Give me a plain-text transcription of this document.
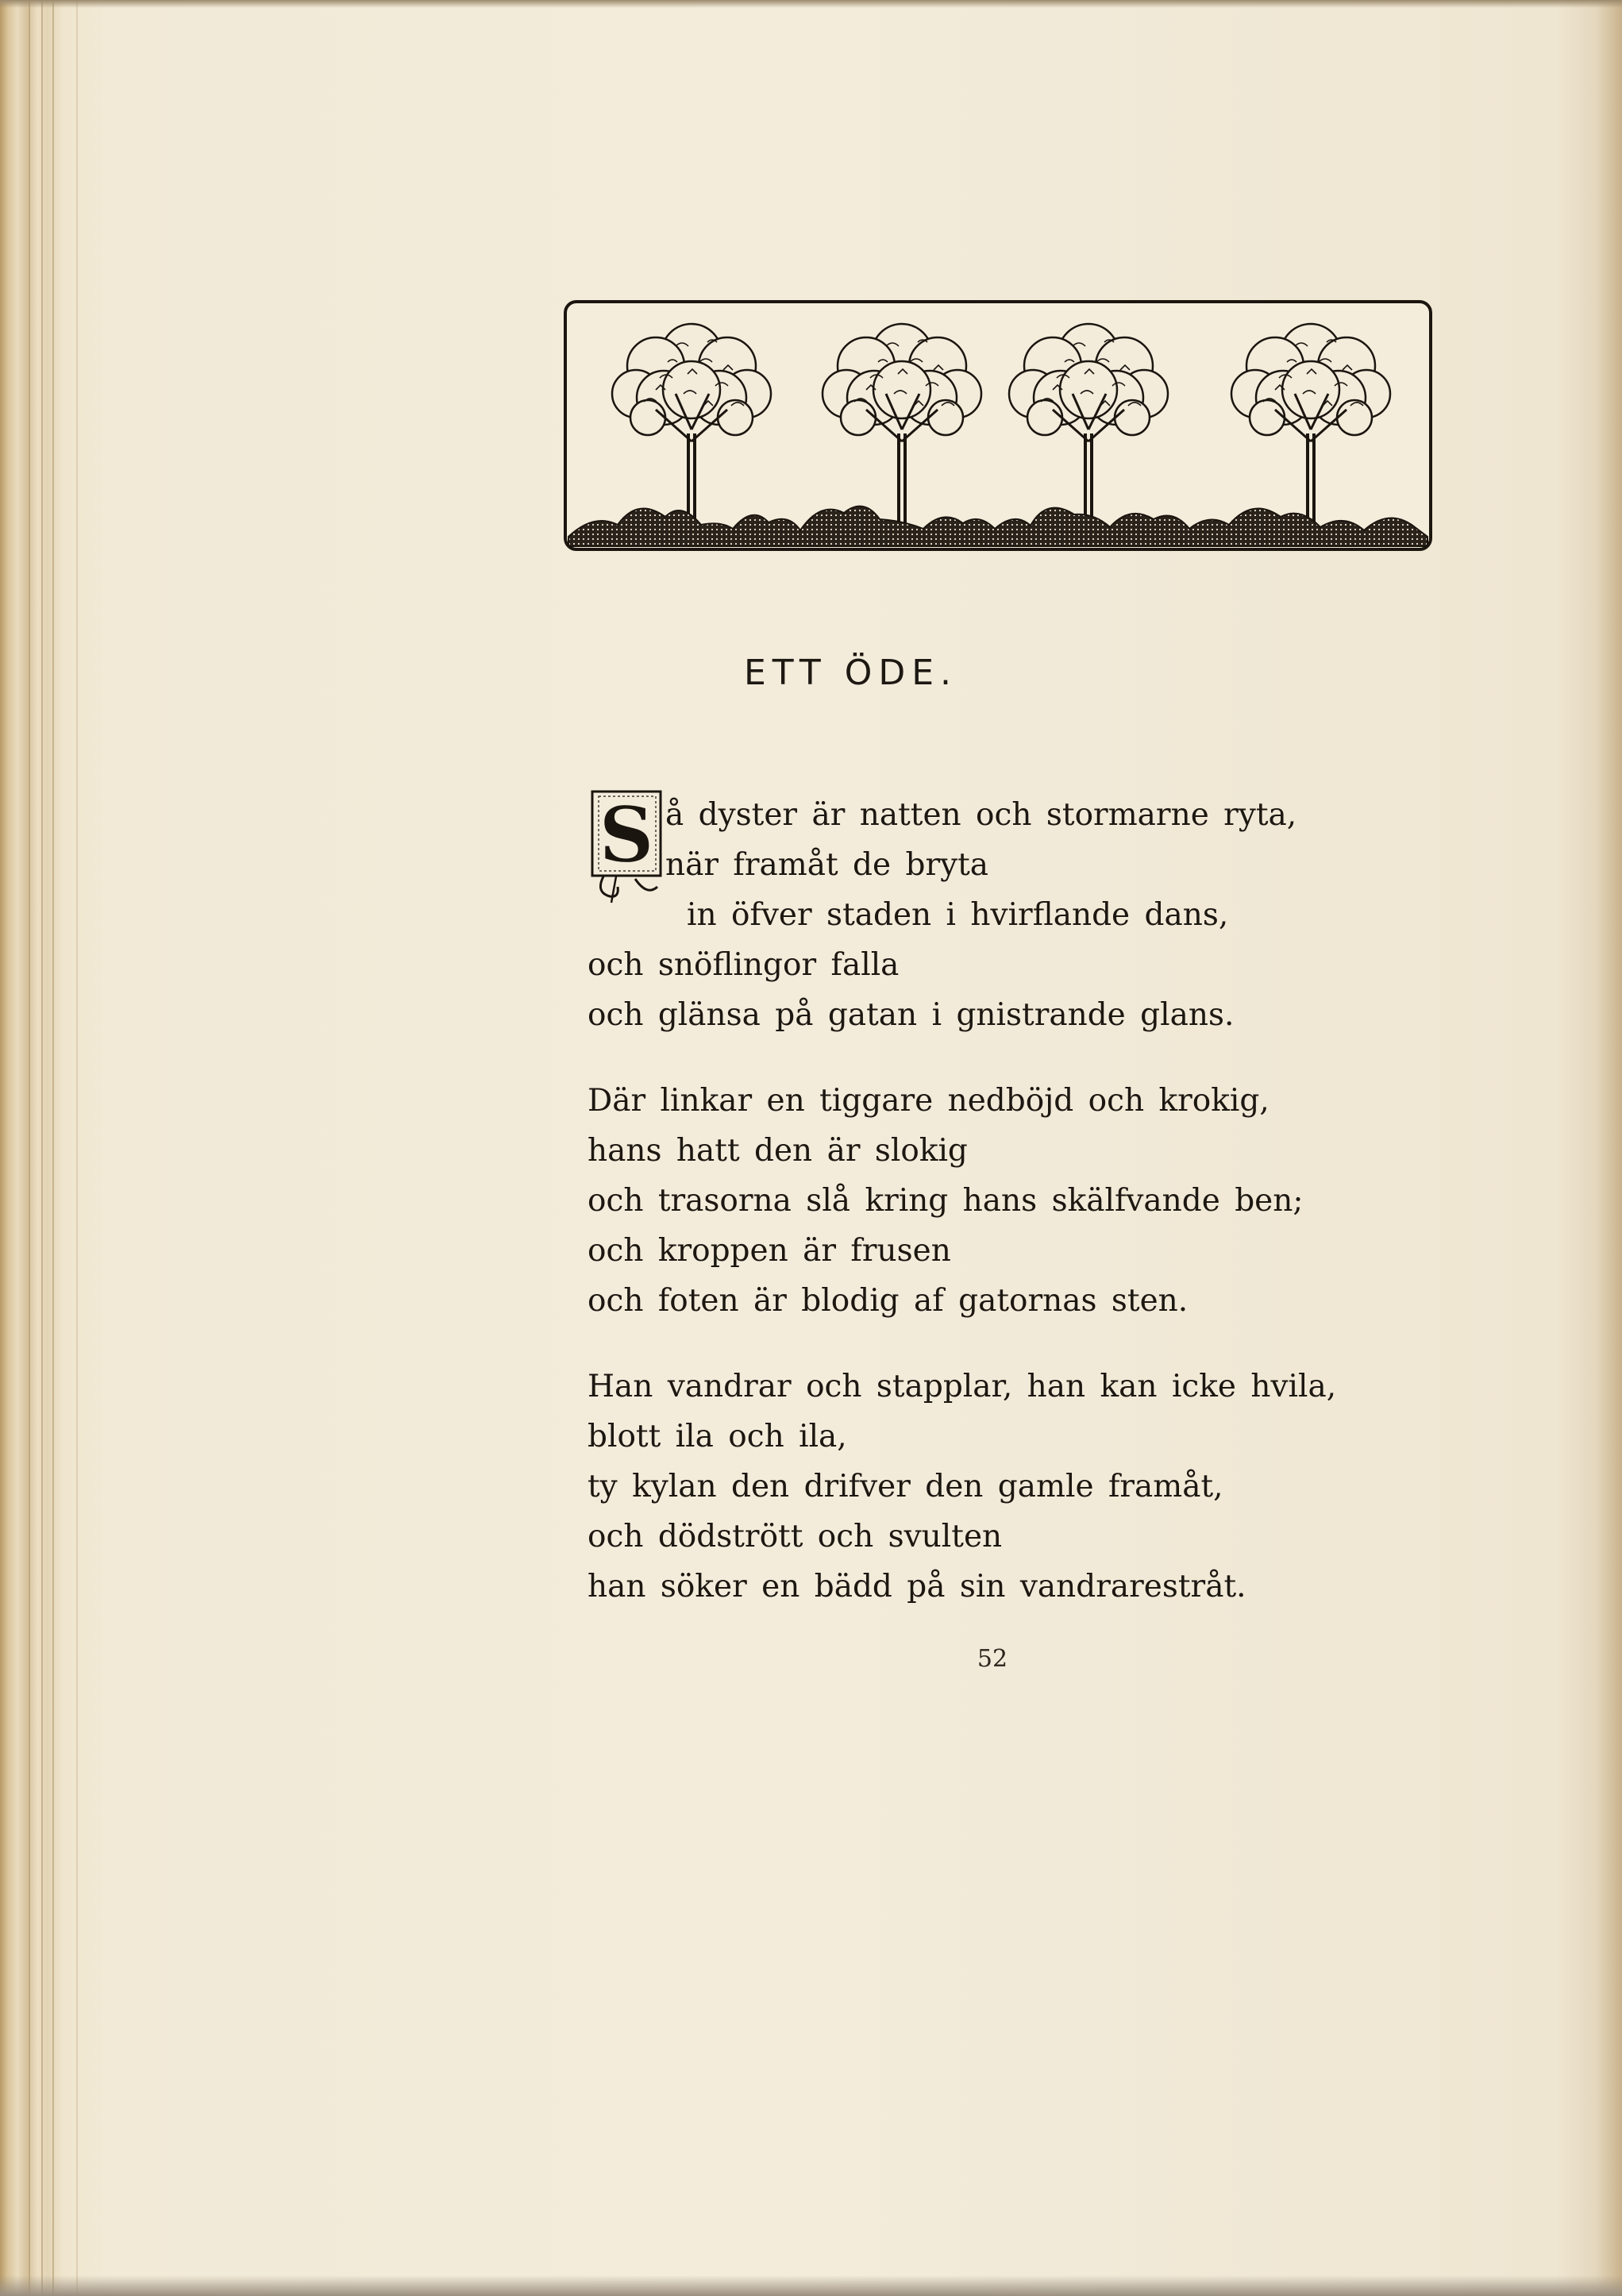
ETT ÖDE.
S å dyster är natten och stormarne ryta,
när framåt de bryta
in öfver staden i hvirflande dans,
och snöflingor falla
och glänsa på gatan i gnistrande glans.
Där linkar en tiggare nedböjd och krokig,
hans hatt den är slokig
och trasorna slå kring hans skälfvande ben;
och kroppen är frusen
och foten är blodig af gatornas sten.
Han vandrar och stapplar, han kan icke hvila,
blott ila och ila,
ty kylan den drifver den gamle framåt,
och dödstrött och svulten
han söker en bädd på sin vandrarestråt.
52
